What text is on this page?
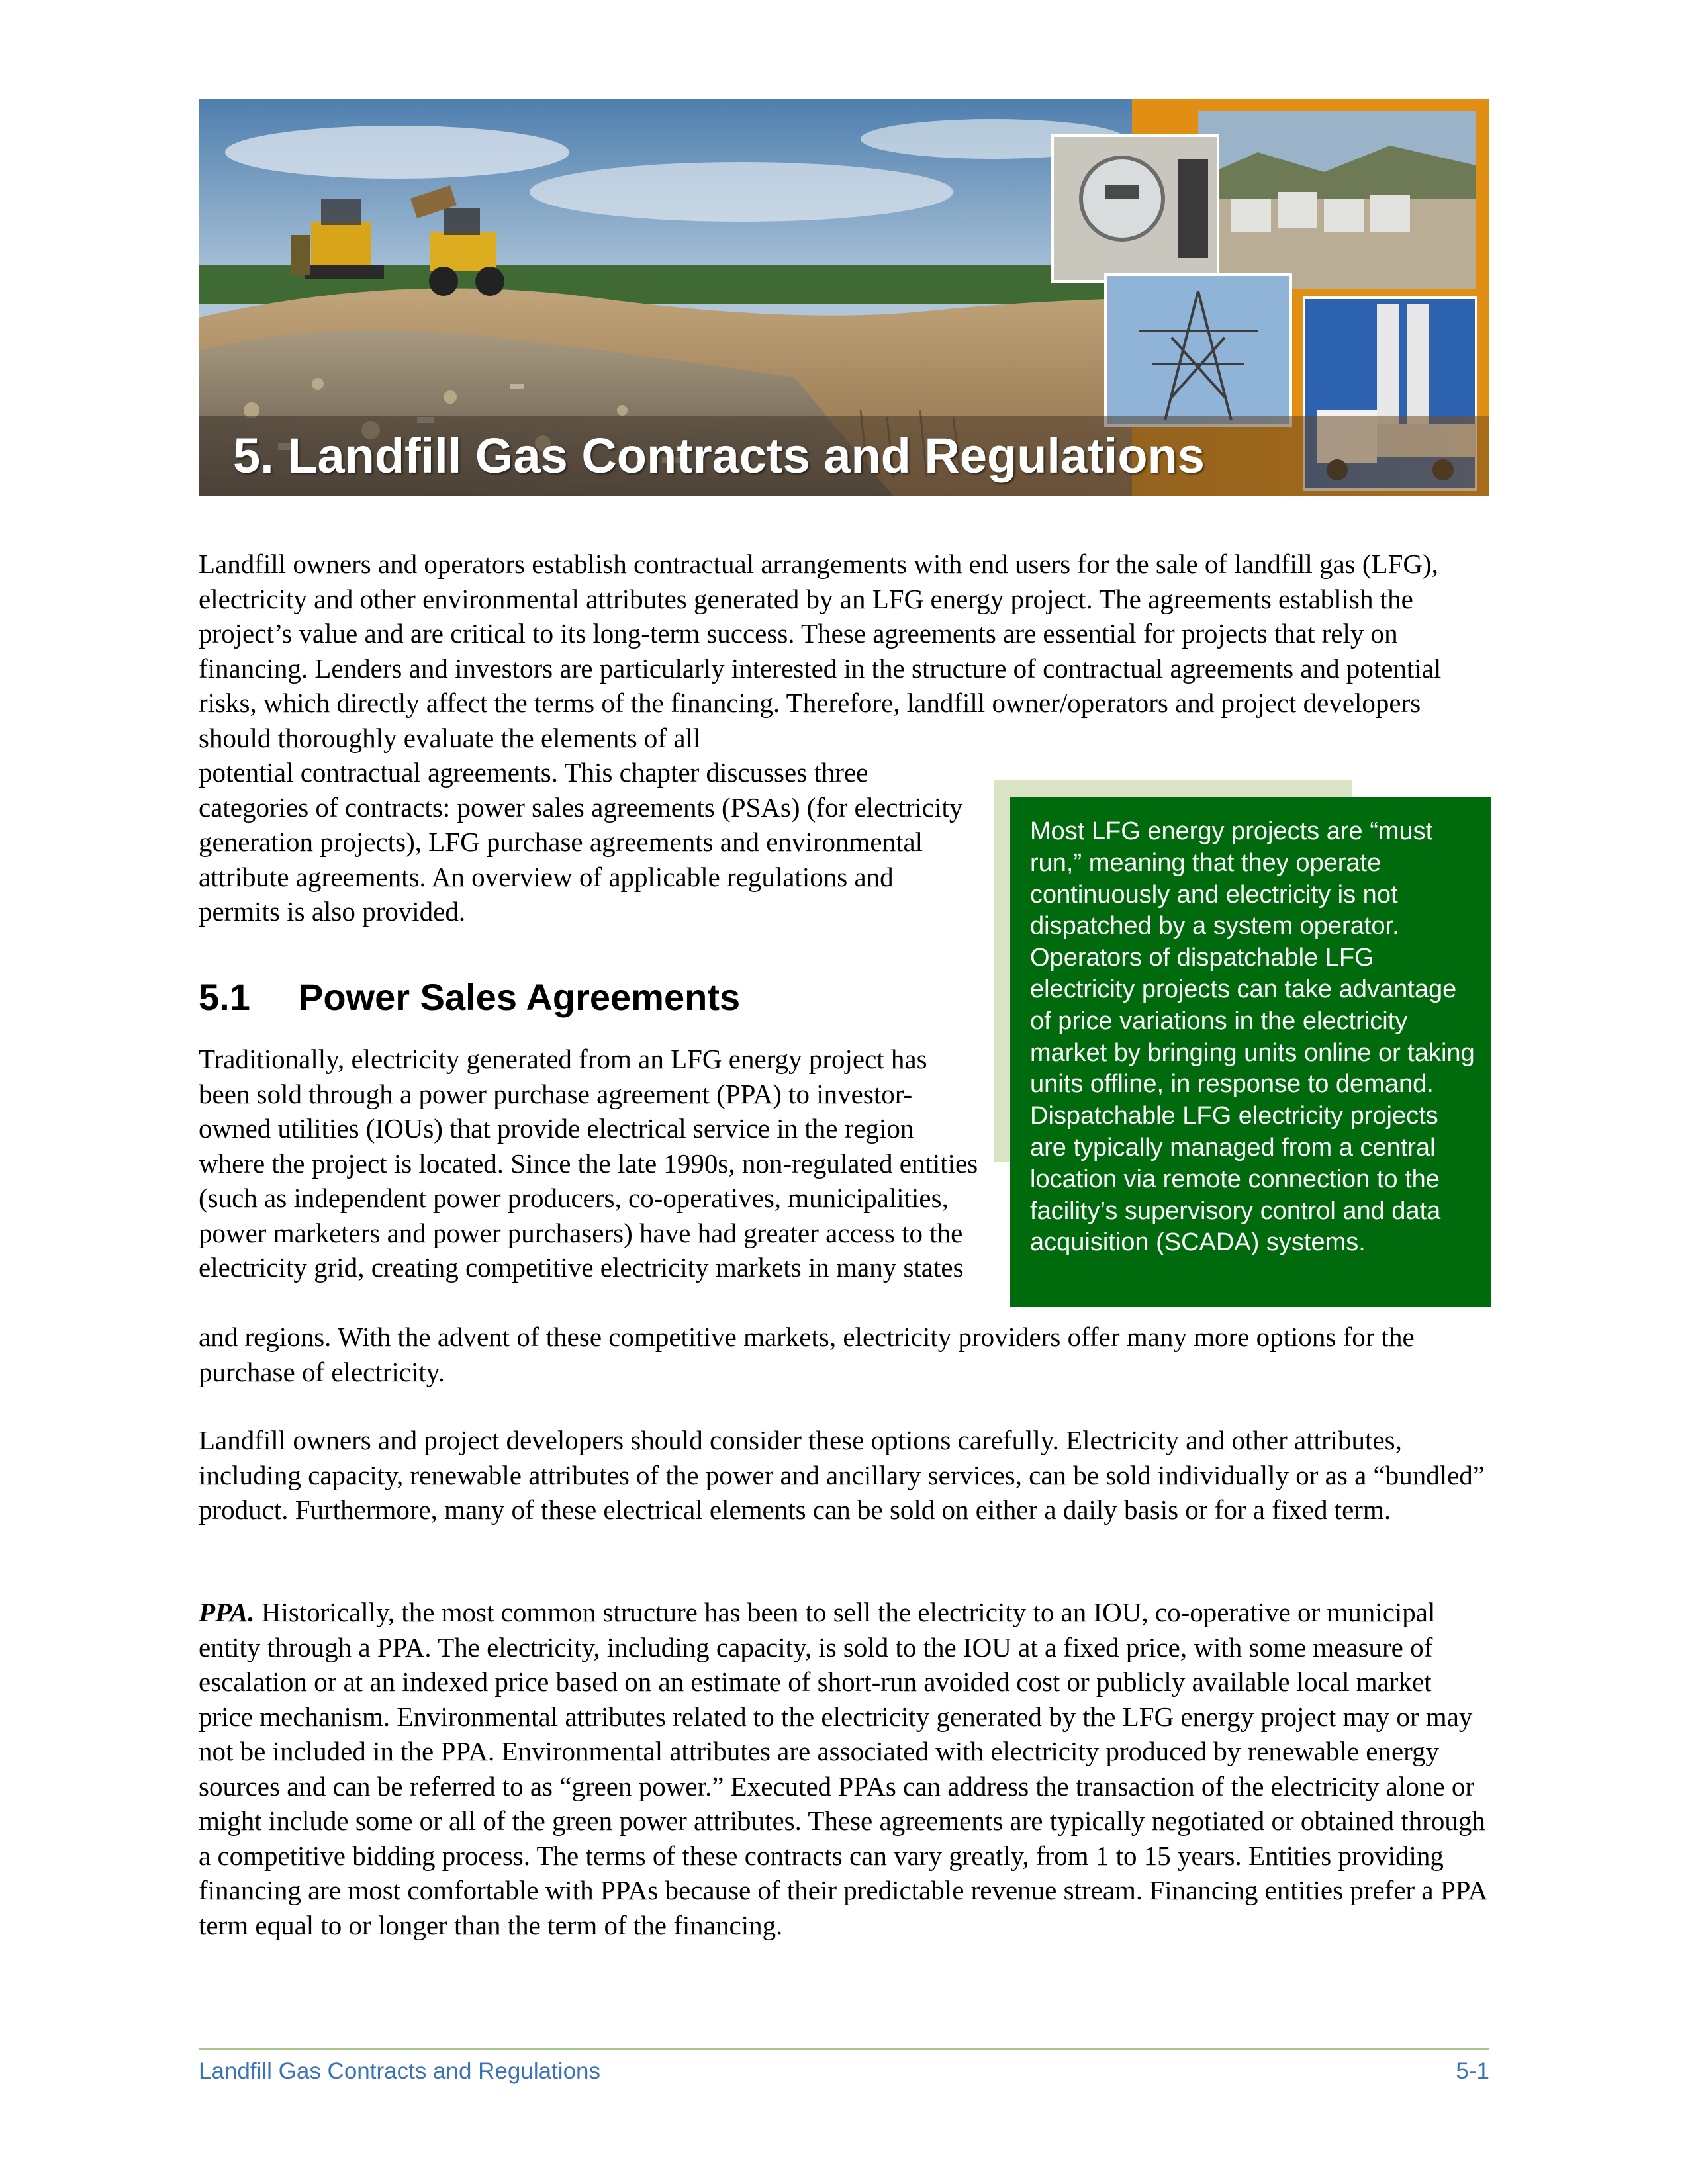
5. Landfill Gas Contracts and Regulations

Landfill owners and operators establish contractual arrangements with end users for the sale of landfill gas (LFG), electricity and other environmental attributes generated by an LFG energy project. The agreements establish the project’s value and are critical to its long-term success. These agreements are essential for projects that rely on financing. Lenders and investors are particularly interested in the structure of contractual agreements and potential risks, which directly affect the terms of the financing. Therefore, landfill owner/operators and project developers should thoroughly evaluate the elements of all

potential contractual agreements. This chapter discusses three categories of contracts: power sales agreements (PSAs) (for electricity generation projects), LFG purchase agreements and environmental attribute agreements. An overview of applicable regulations and permits is also provided.

5.1 Power Sales Agreements

Traditionally, electricity generated from an LFG energy project has been sold through a power purchase agreement (PPA) to investor-owned utilities (IOUs) that provide electrical service in the region where the project is located. Since the late 1990s, non-regulated entities (such as independent power producers, co-operatives, municipalities, power marketers and power purchasers) have had greater access to the electricity grid, creating competitive electricity markets in many states

and regions. With the advent of these competitive markets, electricity providers offer many more options for the purchase of electricity.

Landfill owners and project developers should consider these options carefully. Electricity and other attributes, including capacity, renewable attributes of the power and ancillary services, can be sold individually or as a “bundled” product. Furthermore, many of these electrical elements can be sold on either a daily basis or for a fixed term.

PPA. Historically, the most common structure has been to sell the electricity to an IOU, co-operative or municipal entity through a PPA. The electricity, including capacity, is sold to the IOU at a fixed price, with some measure of escalation or at an indexed price based on an estimate of short-run avoided cost or publicly available local market price mechanism. Environmental attributes related to the electricity generated by the LFG energy project may or may not be included in the PPA. Environmental attributes are associated with electricity produced by renewable energy sources and can be referred to as “green power.” Executed PPAs can address the transaction of the electricity alone or might include some or all of the green power attributes. These agreements are typically negotiated or obtained through a competitive bidding process. The terms of these contracts can vary greatly, from 1 to 15 years. Entities providing financing are most comfortable with PPAs because of their predictable revenue stream. Financing entities prefer a PPA term equal to or longer than the term of the financing.

Most LFG energy projects are “must run,” meaning that they operate continuously and electricity is not dispatched by a system operator. Operators of dispatchable LFG electricity projects can take advantage of price variations in the electricity market by bringing units online or taking units offline, in response to demand. Dispatchable LFG electricity projects are typically managed from a central location via remote connection to the facility’s supervisory control and data acquisition (SCADA) systems.

Landfill Gas Contracts and Regulations	5-1
